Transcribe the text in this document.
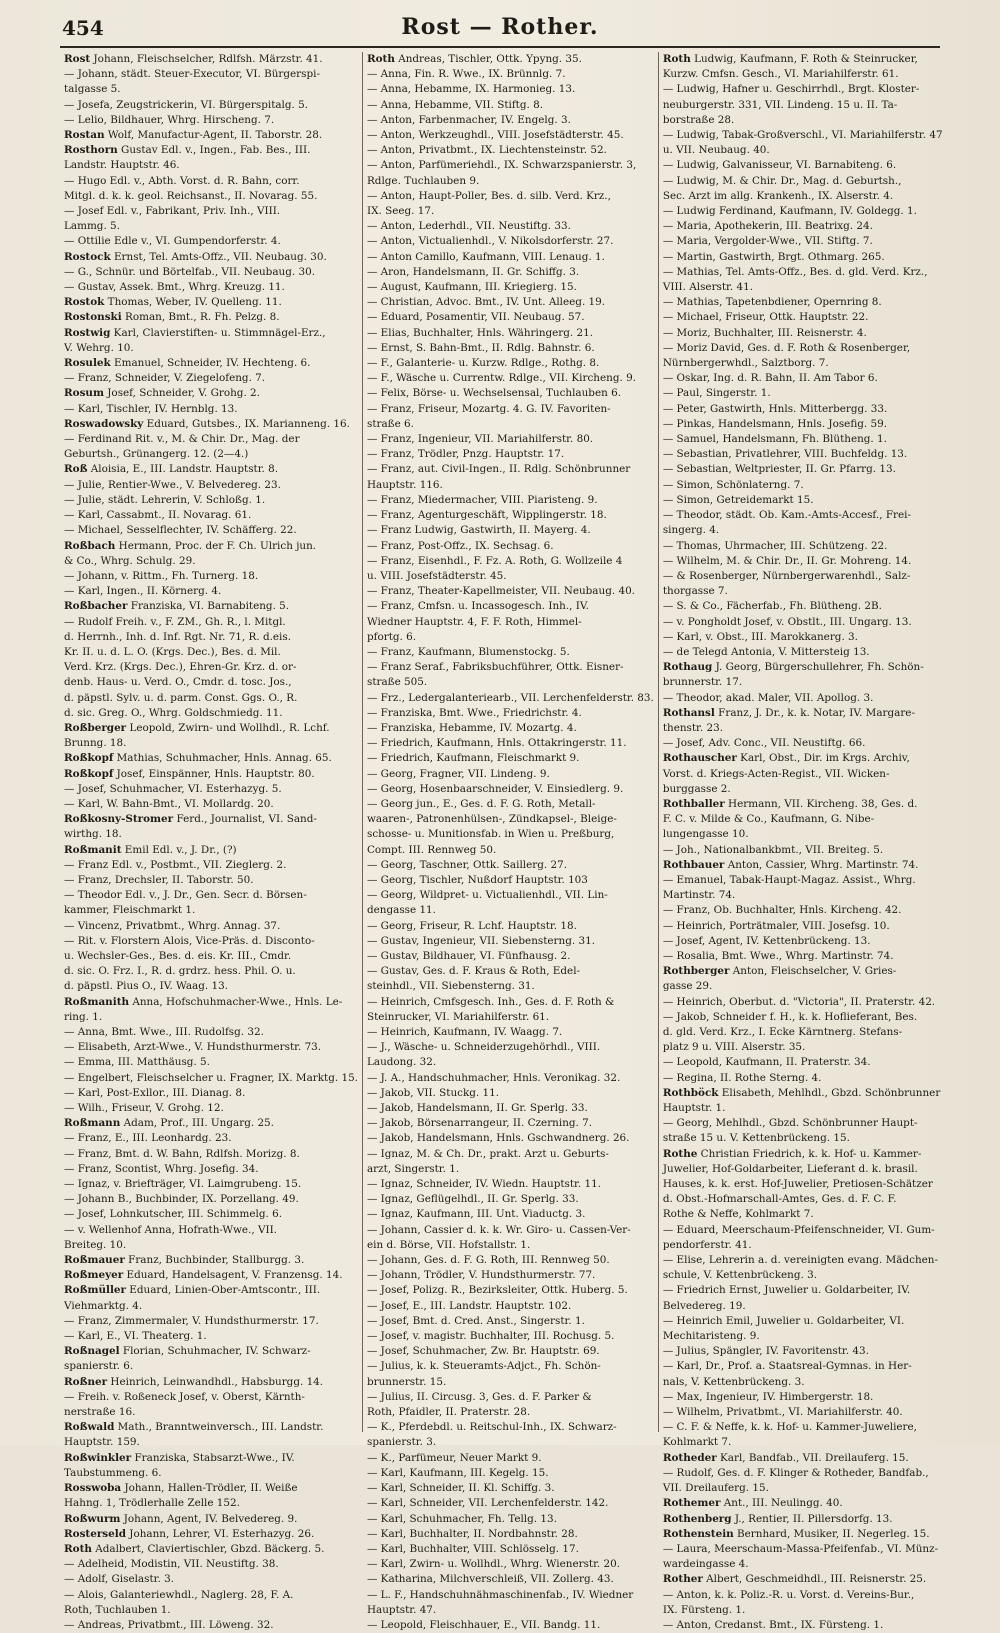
454	Rost — Rother.
Rost Johann, Fleischselcher, Rdlfsh. Märzstr. 41.
— Johann, städt. Steuer-Executor, VI. Bürgerspi-
talgasse 5.
— Josefa, Zeugstrickerin, VI. Bürgerspitalg. 5.
— Lelio, Bildhauer, Whrg. Hirscheng. 7.
Rostan Wolf, Manufactur-Agent, II. Taborstr. 28.
Rosthorn Gustav Edl. v., Ingen., Fab. Bes., III.
Landstr. Hauptstr. 46.
— Hugo Edl. v., Abth. Vorst. d. R. Bahn, corr.
Mitgl. d. k. k. geol. Reichsanst., II. Novarag. 55.
— Josef Edl. v., Fabrikant, Priv. Inh., VIII.
Lammg. 5.
— Ottilie Edle v., VI. Gumpendorferstr. 4.
Rostock Ernst, Tel. Amts-Offz., VII. Neubaug. 30.
— G., Schnür. und Börtelfab., VII. Neubaug. 30.
— Gustav, Assek. Bmt., Whrg. Kreuzg. 11.
Rostok Thomas, Weber, IV. Quelleng. 11.
Rostonski Roman, Bmt., R. Fh. Pelzg. 8.
Rostwig Karl, Clavierstiften- u. Stimmnägel-Erz.,
V. Wehrg. 10.
Rosulek Emanuel, Schneider, IV. Hechteng. 6.
— Franz, Schneider, V. Ziegelofeng. 7.
Rosum Josef, Schneider, V. Grohg. 2.
— Karl, Tischler, IV. Hernblg. 13.
Roswadowsky Eduard, Gutsbes., IX. Marianneng. 16.
— Ferdinand Rit. v., M. & Chir. Dr., Mag. der
Geburtsh., Grünangerg. 12. (2—4.)
Roß Aloisia, E., III. Landstr. Hauptstr. 8.
— Julie, Rentier-Wwe., V. Belvedereg. 23.
— Julie, städt. Lehrerin, V. Schloßg. 1.
— Karl, Cassabmt., II. Novarag. 61.
— Michael, Sesselflechter, IV. Schäfferg. 22.
Roßbach Hermann, Proc. der F. Ch. Ulrich jun.
& Co., Whrg. Schulg. 29.
— Johann, v. Rittm., Fh. Turnerg. 18.
— Karl, Ingen., II. Körnerg. 4.
Roßbacher Franziska, VI. Barnabiteng. 5.
— Rudolf Freih. v., F. ZM., Gh. R., l. Mitgl.
d. Herrnh., Inh. d. Inf. Rgt. Nr. 71, R. d.eis.
Kr. II. u. d. L. O. (Krgs. Dec.), Bes. d. Mil.
Verd. Krz. (Krgs. Dec.), Ehren-Gr. Krz. d. or-
denb. Haus- u. Verd. O., Cmdr. d. tosc. Jos.,
d. päpstl. Sylv. u. d. parm. Const. Ggs. O., R.
d. sic. Greg. O., Whrg. Goldschmiedg. 11.
Roßberger Leopold, Zwirn- und Wollhdl., R. Lchf.
Brunng. 18.
Roßkopf Mathias, Schuhmacher, Hnls. Annag. 65.
Roßkopf Josef, Einspänner, Hnls. Hauptstr. 80.
— Josef, Schuhmacher, VI. Esterhazyg. 5.
— Karl, W. Bahn-Bmt., VI. Mollardg. 20.
Roßkosny-Stromer Ferd., Journalist, VI. Sand-
wirthg. 18.
Roßmanit Emil Edl. v., J. Dr., (?)
— Franz Edl. v., Postbmt., VII. Zieglerg. 2.
— Franz, Drechsler, II. Taborstr. 50.
— Theodor Edl. v., J. Dr., Gen. Secr. d. Börsen-
kammer, Fleischmarkt 1.
— Vincenz, Privatbmt., Whrg. Annag. 37.
— Rit. v. Florstern Alois, Vice-Präs. d. Disconto-
u. Wechsler-Ges., Bes. d. eis. Kr. III., Cmdr.
d. sic. O. Frz. I., R. d. grdrz. hess. Phil. O. u.
d. päpstl. Pius O., IV. Waag. 13.
Roßmanith Anna, Hofschuhmacher-Wwe., Hnls. Le-
ring. 1.
— Anna, Bmt. Wwe., III. Rudolfsg. 32.
— Elisabeth, Arzt-Wwe., V. Hundsthurmerstr. 73.
— Emma, III. Matthäusg. 5.
— Engelbert, Fleischselcher u. Fragner, IX. Marktg. 15.
— Karl, Post-Exllor., III. Dianag. 8.
— Wilh., Friseur, V. Grohg. 12.
Roßmann Adam, Prof., III. Ungarg. 25.
— Franz, E., III. Leonhardg. 23.
— Franz, Bmt. d. W. Bahn, Rdlfsh. Morizg. 8.
— Franz, Scontist, Whrg. Josefig. 34.
— Ignaz, v. Briefträger, VI. Laimgrubeng. 15.
— Johann B., Buchbinder, IX. Porzellang. 49.
— Josef, Lohnkutscher, III. Schimmelg. 6.
— v. Wellenhof Anna, Hofrath-Wwe., VII.
Breiteg. 10.
Roßmauer Franz, Buchbinder, Stallburgg. 3.
Roßmeyer Eduard, Handelsagent, V. Franzensg. 14.
Roßmüller Eduard, Linien-Ober-Amtscontr., III.
Viehmarktg. 4.
— Franz, Zimmermaler, V. Hundsthurmerstr. 17.
— Karl, E., VI. Theaterg. 1.
Roßnagel Florian, Schuhmacher, IV. Schwarz-
spanierstr. 6.
Roßner Heinrich, Leinwandhdl., Habsburgg. 14.
— Freih. v. Roßeneck Josef, v. Oberst, Kärnth-
nerstraße 16.
Roßwald Math., Branntweinversch., III. Landstr.
Hauptstr. 159.
Roßwinkler Franziska, Stabsarzt-Wwe., IV.
Taubstummeng. 6.
Rosswoba Johann, Hallen-Trödler, II. Weiße
Hahng. 1, Trödlerhalle Zelle 152.
Roßwurm Johann, Agent, IV. Belvedereg. 9.
Rosterseld Johann, Lehrer, VI. Esterhazyg. 26.
Roth Adalbert, Claviertischler, Gbzd. Bäckerg. 5.
— Adelheid, Modistin, VII. Neustiftg. 38.
— Adolf, Giselastr. 3.
— Alois, Galanteriewhdl., Naglerg. 28, F. A.
Roth, Tuchlauben 1.
— Andreas, Privatbmt., III. Löweng. 32.
Roth Andreas, Tischler, Ottk. Ypyng. 35.
— Anna, Fin. R. Wwe., IX. Brünnlg. 7.
— Anna, Hebamme, IX. Harmonieg. 13.
— Anna, Hebamme, VII. Stiftg. 8.
— Anton, Farbenmacher, IV. Engelg. 3.
— Anton, Werkzeughdl., VIII. Josefstädterstr. 45.
— Anton, Privatbmt., IX. Liechtensteinstr. 52.
— Anton, Parfümeriehdl., IX. Schwarzspanierstr. 3,
Rdlge. Tuchlauben 9.
— Anton, Haupt-Poller, Bes. d. silb. Verd. Krz.,
IX. Seeg. 17.
— Anton, Lederhdl., VII. Neustiftg. 33.
— Anton, Victualienhdl., V. Nikolsdorferstr. 27.
— Anton Camillo, Kaufmann, VIII. Lenaug. 1.
— Aron, Handelsmann, II. Gr. Schiffg. 3.
— August, Kaufmann, III. Kriegierg. 15.
— Christian, Advoc. Bmt., IV. Unt. Alleeg. 19.
— Eduard, Posamentir, VII. Neubaug. 57.
— Elias, Buchhalter, Hnls. Währingerg. 21.
— Ernst, S. Bahn-Bmt., II. Rdlg. Bahnstr. 6.
— F., Galanterie- u. Kurzw. Rdlge., Rothg. 8.
— F., Wäsche u. Currentw. Rdlge., VII. Kircheng. 9.
— Felix, Börse- u. Wechselsensal, Tuchlauben 6.
— Franz, Friseur, Mozartg. 4. G. IV. Favoriten-
straße 6.
— Franz, Ingenieur, VII. Mariahilferstr. 80.
— Franz, Trödler, Pnzg. Hauptstr. 17.
— Franz, aut. Civil-Ingen., II. Rdlg. Schönbrunner
Hauptstr. 116.
— Franz, Miedermacher, VIII. Piaristeng. 9.
— Franz, Agenturgeschäft, Wipplingerstr. 18.
— Franz Ludwig, Gastwirth, II. Mayerg. 4.
— Franz, Post-Offz., IX. Sechsag. 6.
— Franz, Eisenhdl., F. Fz. A. Roth, G. Wollzeile 4
u. VIII. Josefstädterstr. 45.
— Franz, Theater-Kapellmeister, VII. Neubaug. 40.
— Franz, Cmfsn. u. Incassogesch. Inh., IV.
Wiedner Hauptstr. 4, F. F. Roth, Himmel-
pfortg. 6.
— Franz, Kaufmann, Blumenstockg. 5.
— Franz Seraf., Fabriksbuchführer, Ottk. Eisner-
straße 505.
— Frz., Ledergalanteriearb., VII. Lerchenfelderstr. 83.
— Franziska, Bmt. Wwe., Friedrichstr. 4.
— Franziska, Hebamme, IV. Mozartg. 4.
— Friedrich, Kaufmann, Hnls. Ottakringerstr. 11.
— Friedrich, Kaufmann, Fleischmarkt 9.
— Georg, Fragner, VII. Lindeng. 9.
— Georg, Hosenbaarschneider, V. Einsiedlerg. 9.
— Georg jun., E., Ges. d. F. G. Roth, Metall-
waaren-, Patronenhülsen-, Zündkapsel-, Bleige-
schosse- u. Munitionsfab. in Wien u. Preßburg,
Compt. III. Rennweg 50.
— Georg, Taschner, Ottk. Saillerg. 27.
— Georg, Tischler, Nußdorf Hauptstr. 103
— Georg, Wildpret- u. Victualienhdl., VII. Lin-
dengasse 11.
— Georg, Friseur, R. Lchf. Hauptstr. 18.
— Gustav, Ingenieur, VII. Siebensterng. 31.
— Gustav, Bildhauer, VI. Fünfhausg. 2.
— Gustav, Ges. d. F. Kraus & Roth, Edel-
steinhdl., VII. Siebensterng. 31.
— Heinrich, Cmfsgesch. Inh., Ges. d. F. Roth &
Steinrucker, VI. Mariahilferstr. 61.
— Heinrich, Kaufmann, IV. Waagg. 7.
— J., Wäsche- u. Schneiderzugehörhdl., VIII.
Laudong. 32.
— J. A., Handschuhmacher, Hnls. Veronikag. 32.
— Jakob, VII. Stuckg. 11.
— Jakob, Handelsmann, II. Gr. Sperlg. 33.
— Jakob, Börsenarrangeur, II. Czerning. 7.
— Jakob, Handelsmann, Hnls. Gschwandnerg. 26.
— Ignaz, M. & Ch. Dr., prakt. Arzt u. Geburts-
arzt, Singerstr. 1.
— Ignaz, Schneider, IV. Wiedn. Hauptstr. 11.
— Ignaz, Geflügelhdl., II. Gr. Sperlg. 33.
— Ignaz, Kaufmann, III. Unt. Viaductg. 3.
— Johann, Cassier d. k. k. Wr. Giro- u. Cassen-Ver-
ein d. Börse, VII. Hofstallstr. 1.
— Johann, Ges. d. F. G. Roth, III. Rennweg 50.
— Johann, Trödler, V. Hundsthurmerstr. 77.
— Josef, Polizg. R., Bezirksleiter, Ottk. Huberg. 5.
— Josef, E., III. Landstr. Hauptstr. 102.
— Josef, Bmt. d. Cred. Anst., Singerstr. 1.
— Josef, v. magistr. Buchhalter, III. Rochusg. 5.
— Josef, Schuhmacher, Zw. Br. Hauptstr. 69.
— Julius, k. k. Steueramts-Adjct., Fh. Schön-
brunnerstr. 15.
— Julius, II. Circusg. 3, Ges. d. F. Parker &
Roth, Pfaidler, II. Praterstr. 28.
— K., Pferdebdl. u. Reitschul-Inh., IX. Schwarz-
spanierstr. 3.
— K., Parfümeur, Neuer Markt 9.
— Karl, Kaufmann, III. Kegelg. 15.
— Karl, Schneider, II. Kl. Schiffg. 3.
— Karl, Schneider, VII. Lerchenfelderstr. 142.
— Karl, Schuhmacher, Fh. Tellg. 13.
— Karl, Buchhalter, II. Nordbahnstr. 28.
— Karl, Buchhalter, VIII. Schlösselg. 17.
— Karl, Zwirn- u. Wollhdl., Whrg. Wienerstr. 20.
— Katharina, Milchverschleiß, VII. Zollerg. 43.
— L. F., Handschuhnähmaschinenfab., IV. Wiedner
Hauptstr. 47.
— Leopold, Fleischhauer, E., VII. Bandg. 11.
Roth Ludwig, Kaufmann, F. Roth & Steinrucker,
Kurzw. Cmfsn. Gesch., VI. Mariahilferstr. 61.
— Ludwig, Hafner u. Geschirrhdl., Brgt. Kloster-
neuburgerstr. 331, VII. Lindeng. 15 u. II. Ta-
borstraße 28.
— Ludwig, Tabak-Großverschl., VI. Mariahilferstr. 47
u. VII. Neubaug. 40.
— Ludwig, Galvanisseur, VI. Barnabiteng. 6.
— Ludwig, M. & Chir. Dr., Mag. d. Geburtsh.,
Sec. Arzt im allg. Krankenh., IX. Alserstr. 4.
— Ludwig Ferdinand, Kaufmann, IV. Goldegg. 1.
— Maria, Apothekerin, III. Beatrixg. 24.
— Maria, Vergolder-Wwe., VII. Stiftg. 7.
— Martin, Gastwirth, Brgt. Othmarg. 265.
— Mathias, Tel. Amts-Offz., Bes. d. gld. Verd. Krz.,
VIII. Alserstr. 41.
— Mathias, Tapetenbdiener, Opernring 8.
— Michael, Friseur, Ottk. Hauptstr. 22.
— Moriz, Buchhalter, III. Reisnerstr. 4.
— Moriz David, Ges. d. F. Roth & Rosenberger,
Nürnbergerwhdl., Salztborg. 7.
— Oskar, Ing. d. R. Bahn, II. Am Tabor 6.
— Paul, Singerstr. 1.
— Peter, Gastwirth, Hnls. Mitterbergg. 33.
— Pinkas, Handelsmann, Hnls. Josefig. 59.
— Samuel, Handelsmann, Fh. Blütheng. 1.
— Sebastian, Privatlehrer, VIII. Buchfeldg. 13.
— Sebastian, Weltpriester, II. Gr. Pfarrg. 13.
— Simon, Schönlaterng. 7.
— Simon, Getreidemarkt 15.
— Theodor, städt. Ob. Kam.-Amts-Accesf., Frei-
singerg. 4.
— Thomas, Uhrmacher, III. Schützeng. 22.
— Wilhelm, M. & Chir. Dr., II. Gr. Mohreng. 14.
— & Rosenberger, Nürnbergerwarenhdl., Salz-
thorgasse 7.
— S. & Co., Fächerfab., Fh. Blütheng. 2B.
— v. Pongholdt Josef, v. Obstlt., III. Ungarg. 13.
— Karl, v. Obst., III. Marokkanerg. 3.
— de Telegd Antonia, V. Mittersteig 13.
Rothaug J. Georg, Bürgerschullehrer, Fh. Schön-
brunnerstr. 17.
— Theodor, akad. Maler, VII. Apollog. 3.
Rothansl Franz, J. Dr., k. k. Notar, IV. Margare-
thenstr. 23.
— Josef, Adv. Conc., VII. Neustiftg. 66.
Rothauscher Karl, Obst., Dir. im Krgs. Archiv,
Vorst. d. Kriegs-Acten-Regist., VII. Wicken-
burggasse 2.
Rothballer Hermann, VII. Kircheng. 38, Ges. d.
F. C. v. Milde & Co., Kaufmann, G. Nibe-
lungengasse 10.
— Joh., Nationalbankbmt., VII. Breiteg. 5.
Rothbauer Anton, Cassier, Whrg. Martinstr. 74.
— Emanuel, Tabak-Haupt-Magaz. Assist., Whrg.
Martinstr. 74.
— Franz, Ob. Buchhalter, Hnls. Kircheng. 42.
— Heinrich, Porträtmaler, VIII. Josefsg. 10.
— Josef, Agent, IV. Kettenbrückeng. 13.
— Rosalia, Bmt. Wwe., Whrg. Martinstr. 74.
Rothberger Anton, Fleischselcher, V. Gries-
gasse 29.
— Heinrich, Oberbut. d. "Victoria", II. Praterstr. 42.
— Jakob, Schneider f. H., k. k. Hoflieferant, Bes.
d. gld. Verd. Krz., I. Ecke Kärntnerg. Stefans-
platz 9 u. VIII. Alserstr. 35.
— Leopold, Kaufmann, II. Praterstr. 34.
— Regina, II. Rothe Sterng. 4.
Rothböck Elisabeth, Mehlhdl., Gbzd. Schönbrunner
Hauptstr. 1.
— Georg, Mehlhdl., Gbzd. Schönbrunner Haupt-
straße 15 u. V. Kettenbrückeng. 15.
Rothe Christian Friedrich, k. k. Hof- u. Kammer-
Juwelier, Hof-Goldarbeiter, Lieferant d. k. brasil.
Hauses, k. k. erst. Hof-Juwelier, Pretiosen-Schätzer
d. Obst.-Hofmarschall-Amtes, Ges. d. F. C. F.
Rothe & Neffe, Kohlmarkt 7.
— Eduard, Meerschaum-Pfeifenschneider, VI. Gum-
pendorferstr. 41.
— Elise, Lehrerin a. d. vereinigten evang. Mädchen-
schule, V. Kettenbrückeng. 3.
— Friedrich Ernst, Juwelier u. Goldarbeiter, IV.
Belvedereg. 19.
— Heinrich Emil, Juwelier u. Goldarbeiter, VI.
Mechitaristeng. 9.
— Julius, Spängler, IV. Favoritenstr. 43.
— Karl, Dr., Prof. a. Staatsreal-Gymnas. in Her-
nals, V. Kettenbrückeng. 3.
— Max, Ingenieur, IV. Himbergerstr. 18.
— Wilhelm, Privatbmt., VI. Mariahilferstr. 40.
— C. F. & Neffe, k. k. Hof- u. Kammer-Juweliere,
Kohlmarkt 7.
Rotheder Karl, Bandfab., VII. Dreilauferg. 15.
— Rudolf, Ges. d. F. Klinger & Rotheder, Bandfab.,
VII. Dreilauferg. 15.
Rothemer Ant., III. Neulingg. 40.
Rothenberg J., Rentier, II. Pillersdorfg. 13.
Rothenstein Bernhard, Musiker, II. Negerleg. 15.
— Laura, Meerschaum-Massa-Pfeifenfab., VI. Münz-
wardeingasse 4.
Rother Albert, Geschmeidhdl., III. Reisnerstr. 25.
— Anton, k. k. Poliz.-R. u. Vorst. d. Vereins-Bur.,
IX. Fürsteng. 1.
— Anton, Credanst. Bmt., IX. Fürsteng. 1.
